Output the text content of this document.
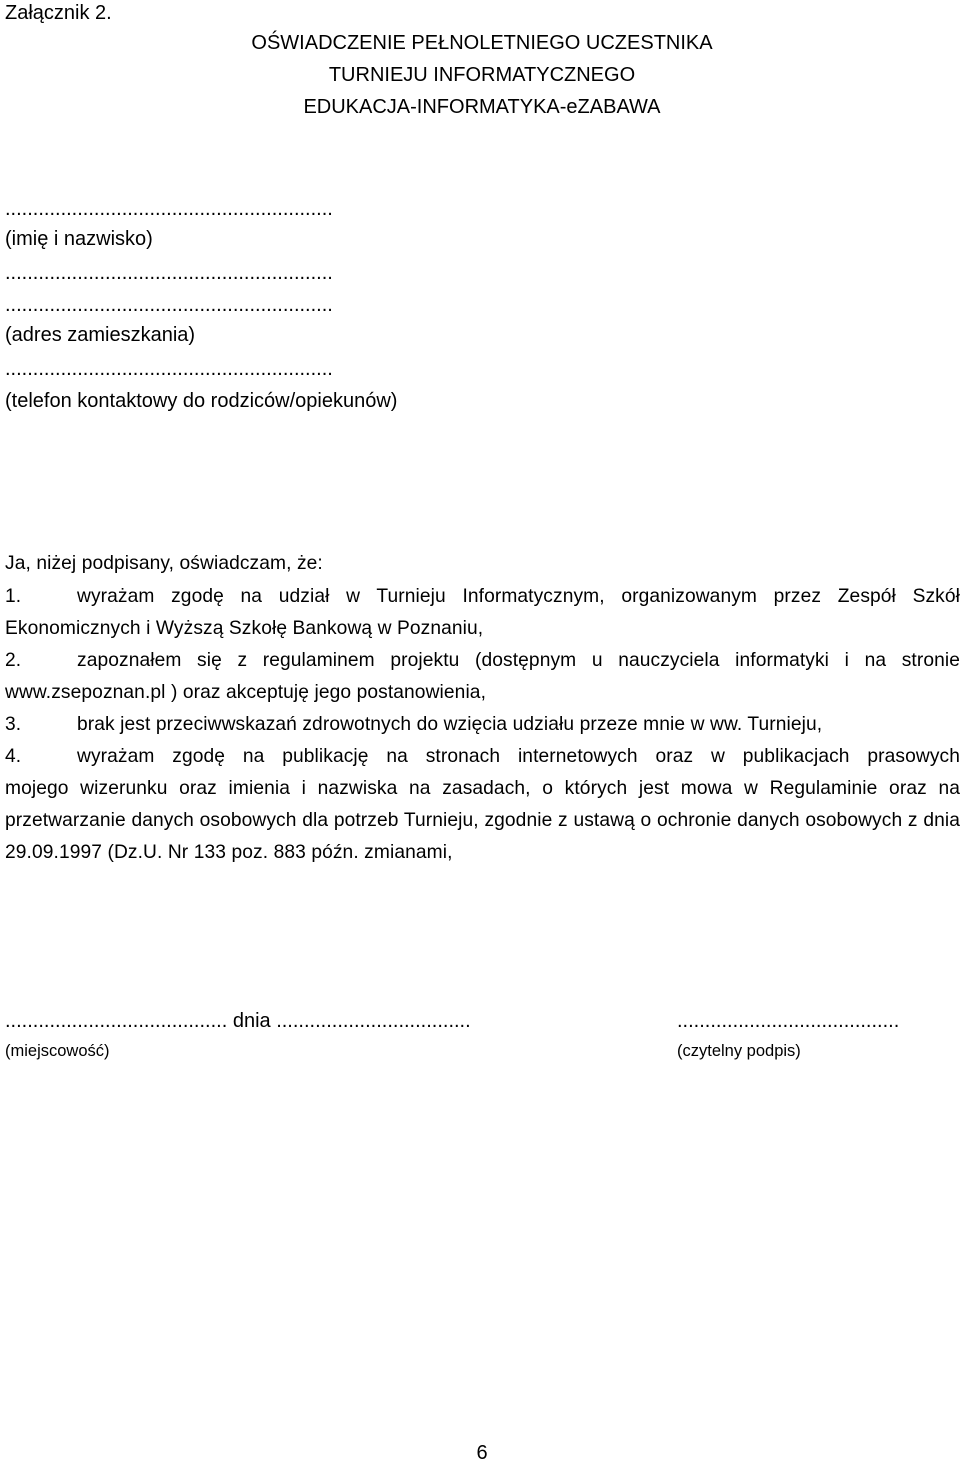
Załącznik 2.
OŚWIADCZENIE PEŁNOLETNIEGO UCZESTNIKA
TURNIEJU INFORMATYCZNEGO
EDUKACJA-INFORMATYKA-eZABAWA
...........................................................
(imię i nazwisko)
...........................................................
...........................................................
(adres zamieszkania)
...........................................................
(telefon kontaktowy do rodziców/opiekunów)
Ja, niżej podpisany, oświadczam, że:
1.	wyrażam zgodę na udział w Turnieju Informatycznym, organizowanym przez Zespół Szkół
Ekonomicznych i Wyższą Szkołę Bankową w Poznaniu,
2.	zapoznałem się z regulaminem projektu (dostępnym u nauczyciela informatyki i na stronie
www.zsepoznan.pl ) oraz akceptuję jego postanowienia,
3.	brak jest przeciwwskazań zdrowotnych do wzięcia udziału przeze mnie w ww. Turnieju,
4.	wyrażam zgodę na publikację na stronach internetowych oraz w publikacjach prasowych
mojego wizerunku oraz imienia i nazwiska na zasadach, o których jest mowa w Regulaminie oraz na przetwarzanie danych osobowych dla potrzeb Turnieju, zgodnie z ustawą o ochronie danych osobowych z dnia 29.09.1997 (Dz.U. Nr 133 poz. 883 późn. zmianami,
........................................ dnia ...................................
(miejscowość)
........................................
(czytelny podpis)
6
